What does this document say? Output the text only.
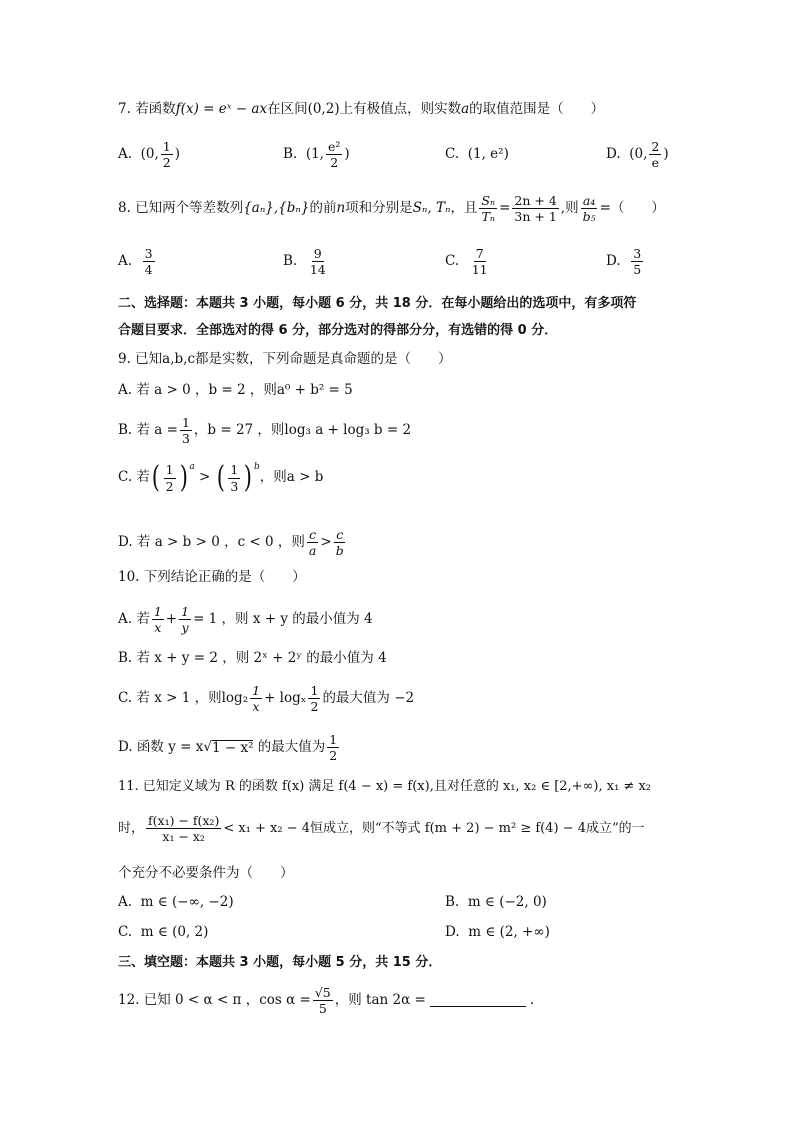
7.
若函数 f(x) = eˣ − ax 在区间 (0,2) 上有极值点，则实数 a 的取值范围是（　　）
A.
(0, $\frac{1}{2}$ )	B.
(1, $\frac{\text{e²}}{2}$ )	C.
(1, e²)	D.
(0, $\frac{2}{e}$ )
8.
已知两个等差数列 {aₙ},{bₙ} 的前 n 项和分别是 Sₙ, Tₙ ，且 $\frac{\text{Sₙ}}{\text{Tₙ}} = \frac{2n + 4}{3n + 1}$ ,则 $\frac{\text{a₄}}{\text{b₅}}$ =（　　）
A.
$\frac{3}{4}$	B.
$\frac{9}{14}$	C.
$\frac{7}{11}$	D.
$\frac{3}{5}$
二、选择题：本题共 3 小题，每小题 6 分，共 18 分．在每小题给出的选项中，有多项符
合题目要求．全部选对的得 6 分，部分选对的得部分分，有选错的得 0 分．
9. 已知a,b,c都是实数，下列命题是真命题的是（　　）
A. 若 a > 0 ，b = 2 ，则a⁰ + b² = 5
B. 若 $a = \frac{1}{3}$ ，b = 27 ，则log₃ a + log₃ b = 2
C. 若 ( $\frac{1}{2} )^a$

>
( $\frac{1}{3} )^b$
，则a > b
D. 若 a > b > 0 ，c < 0 ，则 $\frac{c}{a} > \frac{c}{b}$
10. 下列结论正确的是（　　）
A. 若 $\frac{1}{x} + \frac{1}{y} = 1$ ，则 x + y 的最小值为 4
B. 若 x + y = 2 ，则 2ˣ + 2ʸ 的最小值为 4
C. 若 x > 1 ，则$\log_2 \frac{1}{x} + \log_x \frac{1}{2}$ 的最大值为 −2
D. 函数 y = x √ 1 − x²
的最大值为 $\frac{1}{2}$
11. 已知定义域为 R 的函数 f(x) 满足 f(4 − x) = f(x),且对任意的 x₁, x₂ ∈ [2,+∞), x₁ ≠ x₂
时， $\frac{\text{f(x₁) − f(x₂)}}{\text{x₁ − x₂}} < x_1 + x_2 - 4$恒成立，则“不等式 f(m + 2) − m² ≥ f(4) − 4成立”的一
个充分不必要条件为（　　）
A.
m ∈ (−∞, −2)	B.
m ∈ (−2, 0)
C.
m ∈ (0, 2)	D.
m ∈ (2, +∞)
三、填空题：本题共 3 小题，每小题 5 分，共 15 分．
12. 已知 0 < α < π ，$\cos \alpha = \frac{√5}{5}$ ，则 tan 2α =	.
